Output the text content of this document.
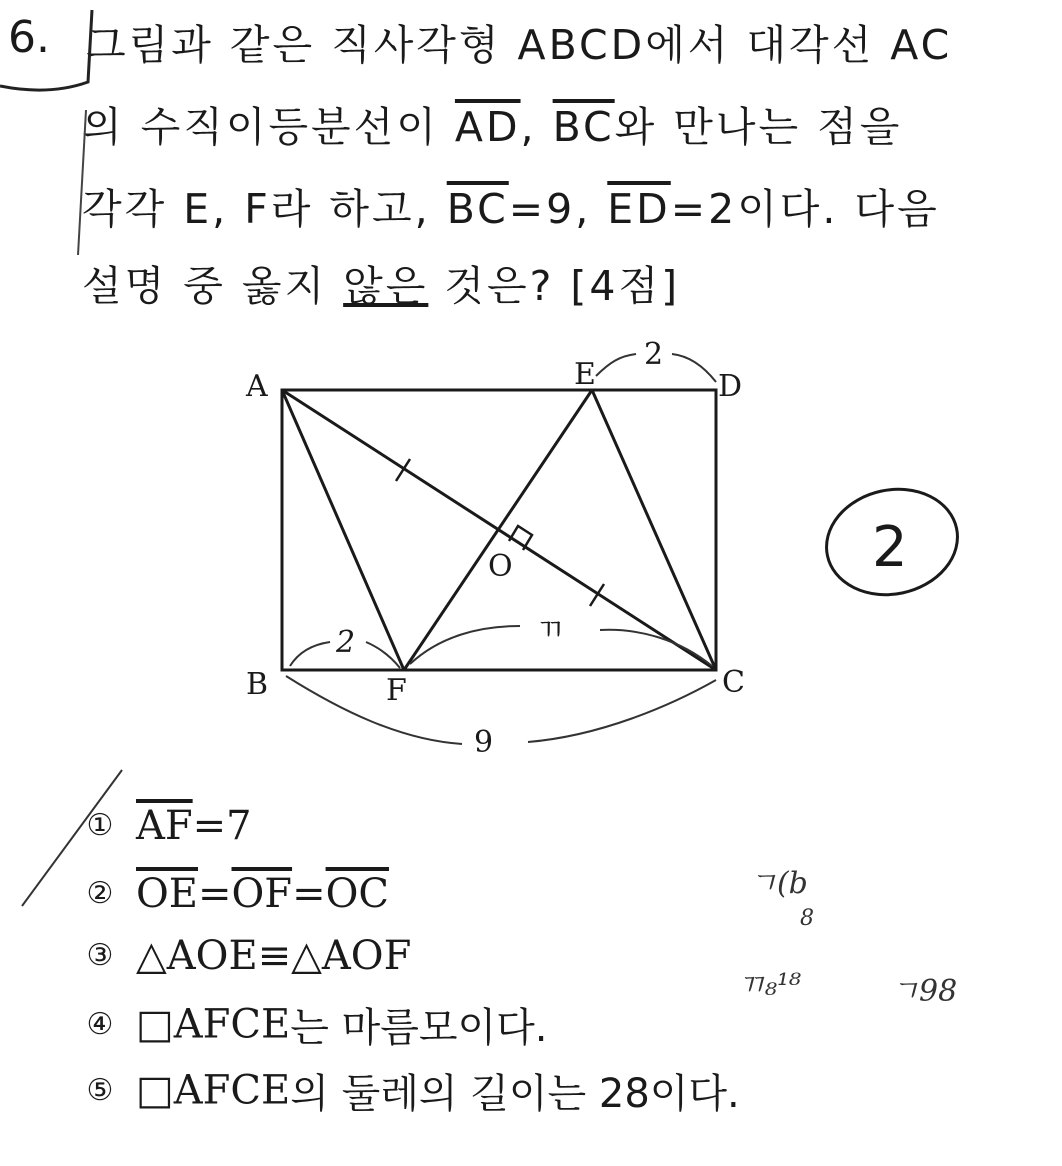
6. 그림과 같은 직사각형 ABCD에서 대각선 AC
의 수직이등분선이 $\overline{AD}$, $\overline{BC}$와 만나는 점을
각각 E, F라 하고, $\overline{BC}=9$, $\overline{ED}=2$이다. 다음
설명 중 옳지 않은 것은? [4점]
A
B	C
D
E
F
O
2
2	ㄲ
9
2
① $\overline{AF}=7$
② $\overline{OE}=\overline{OF}=\overline{OC}$
③ △AOE≡△AOF
④ □AFCE는 마름모이다.
⑤ □AFCE의 둘레의 길이는 28이다.
ㄱ(b
8
ㄲ₈¹⁸	ㄱ98
